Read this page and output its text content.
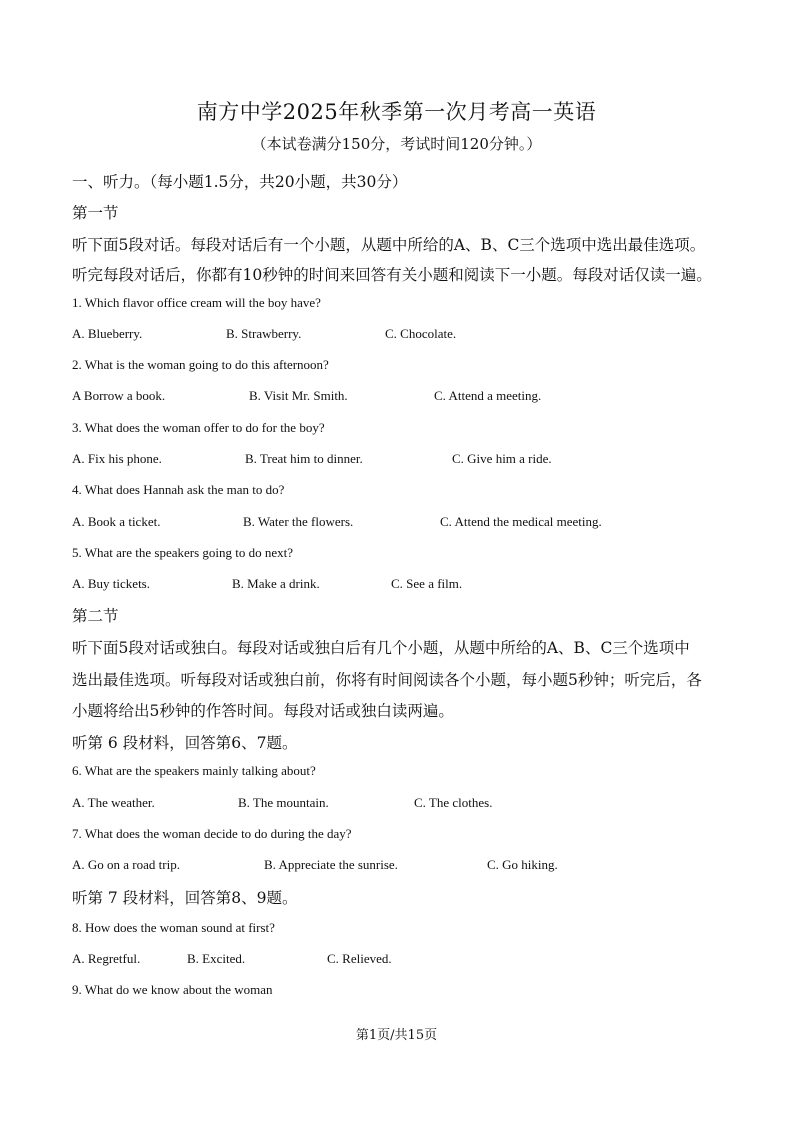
南方中学2025年秋季第一次月考高一英语
（本试卷满分150分，考试时间120分钟。）
一、听力。（每小题1.5分，共20小题，共30分）
第一节
听下面5段对话。每段对话后有一个小题，从题中所给的A、B、C三个选项中选出最佳选项。
听完每段对话后，你都有10秒钟的时间来回答有关小题和阅读下一小题。每段对话仅读一遍。
1. Which flavor office cream will the boy have?
A. Blueberry.	B. Strawberry.	C. Chocolate.
2. What is the woman going to do this afternoon?
A Borrow a book.	B. Visit Mr. Smith.	C. Attend a meeting.
3. What does the woman offer to do for the boy?
A. Fix his phone.	B. Treat him to dinner.	C. Give him a ride.
4. What does Hannah ask the man to do?
A. Book a ticket.	B. Water the flowers.	C. Attend the medical meeting.
5. What are the speakers going to do next?
A. Buy tickets.	B. Make a drink.	C. See a film.
第二节
听下面5段对话或独白。每段对话或独白后有几个小题，从题中所给的A、B、C三个选项中
选出最佳选项。听每段对话或独白前，你将有时间阅读各个小题，每小题5秒钟；听完后，各
小题将给出5秒钟的作答时间。每段对话或独白读两遍。
听第 6 段材料，回答第6、7题。
6. What are the speakers mainly talking about?
A. The weather.	B. The mountain.	C. The clothes.
7. What does the woman decide to do during the day?
A. Go on a road trip.	B. Appreciate the sunrise.	C. Go hiking.
听第 7 段材料，回答第8、9题。
8. How does the woman sound at first?
A. Regretful.	B. Excited.	C. Relieved.
9. What do we know about the woman
第1页/共15页
